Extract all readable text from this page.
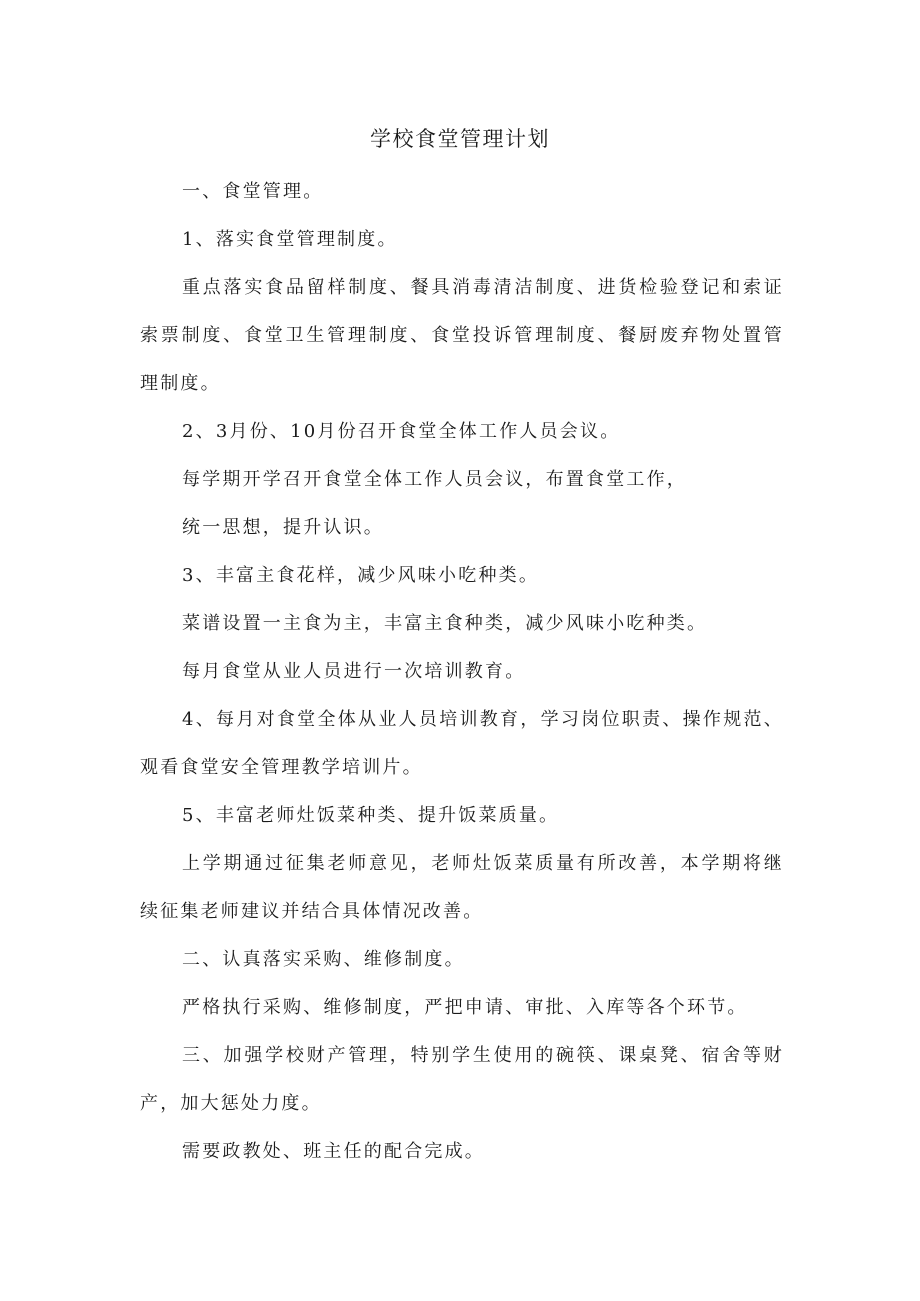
学校食堂管理计划

一、食堂管理。

1、落实食堂管理制度。

重点落实食品留样制度、餐具消毒清洁制度、进货检验登记和索证索票制度、食堂卫生管理制度、食堂投诉管理制度、餐厨废弃物处置管理制度。

2、3月份、10月份召开食堂全体工作人员会议。

每学期开学召开食堂全体工作人员会议，布置食堂工作，

统一思想，提升认识。

3、丰富主食花样，减少风味小吃种类。

菜谱设置一主食为主，丰富主食种类，减少风味小吃种类。

每月食堂从业人员进行一次培训教育。

4、每月对食堂全体从业人员培训教育，学习岗位职责、操作规范、观看食堂安全管理教学培训片。

5、丰富老师灶饭菜种类、提升饭菜质量。

上学期通过征集老师意见，老师灶饭菜质量有所改善，本学期将继续征集老师建议并结合具体情况改善。

二、认真落实采购、维修制度。

严格执行采购、维修制度，严把申请、审批、入库等各个环节。

三、加强学校财产管理，特别学生使用的碗筷、课桌凳、宿舍等财产，加大惩处力度。

需要政教处、班主任的配合完成。
